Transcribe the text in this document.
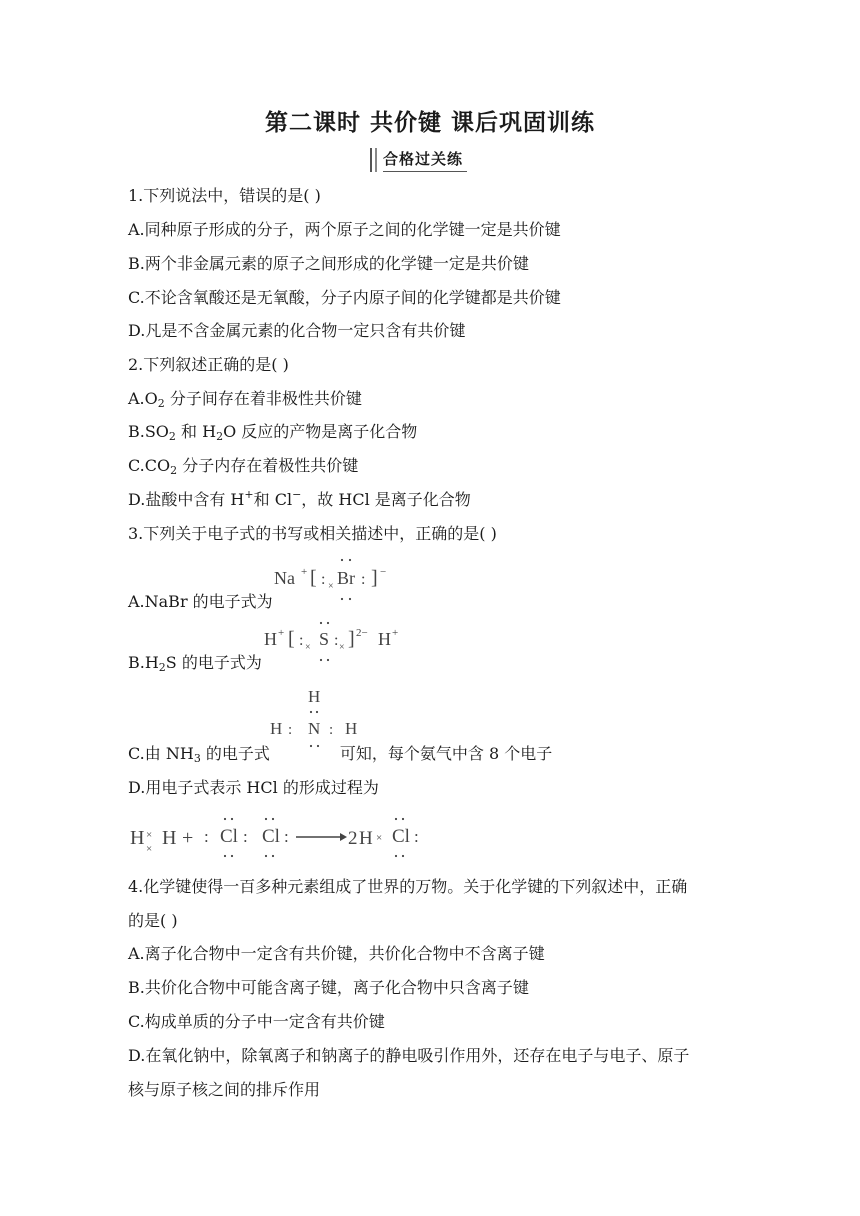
第二课时 共价键 课后巩固训练
合格过关练
1.下列说法中，错误的是( )
A.同种原子形成的分子，两个原子之间的化学键一定是共价键
B.两个非金属元素的原子之间形成的化学键一定是共价键
C.不论含氧酸还是无氧酸，分子内原子间的化学键都是共价键
D.凡是不含金属元素的化合物一定只含有共价键
2.下列叙述正确的是( )
$A.O_2$ 分子间存在着非极性共价键
$B.SO_2$ 和 $H_2O$ 反应的产物是离子化合物
$C.CO_2$ 分子内存在着极性共价键
D.盐酸中含有 H+和 Cl−，故 HCl 是离子化合物
3.下列关于电子式的书写或相关描述中，正确的是( )
A.NaBr 的电子式为
Na + [ : × Br : ] −
$B.H_2S$ 的电子式为
H + [ : × S : × ] 2− H +
C.由 $NH_3$ 的电子式	可知，每个氨气中含 8 个电子
H
H : N : H
D.用电子式表示 HCl 的形成过程为
H ×
× H + : Cl : Cl :	2 H × Cl :
4.化学键使得一百多种元素组成了世界的万物。关于化学键的下列叙述中，正确
的是( )
A.离子化合物中一定含有共价键，共价化合物中不含离子键
B.共价化合物中可能含离子键，离子化合物中只含离子键
C.构成单质的分子中一定含有共价键
D.在氧化钠中，除氧离子和钠离子的静电吸引作用外，还存在电子与电子、原子
核与原子核之间的排斥作用
